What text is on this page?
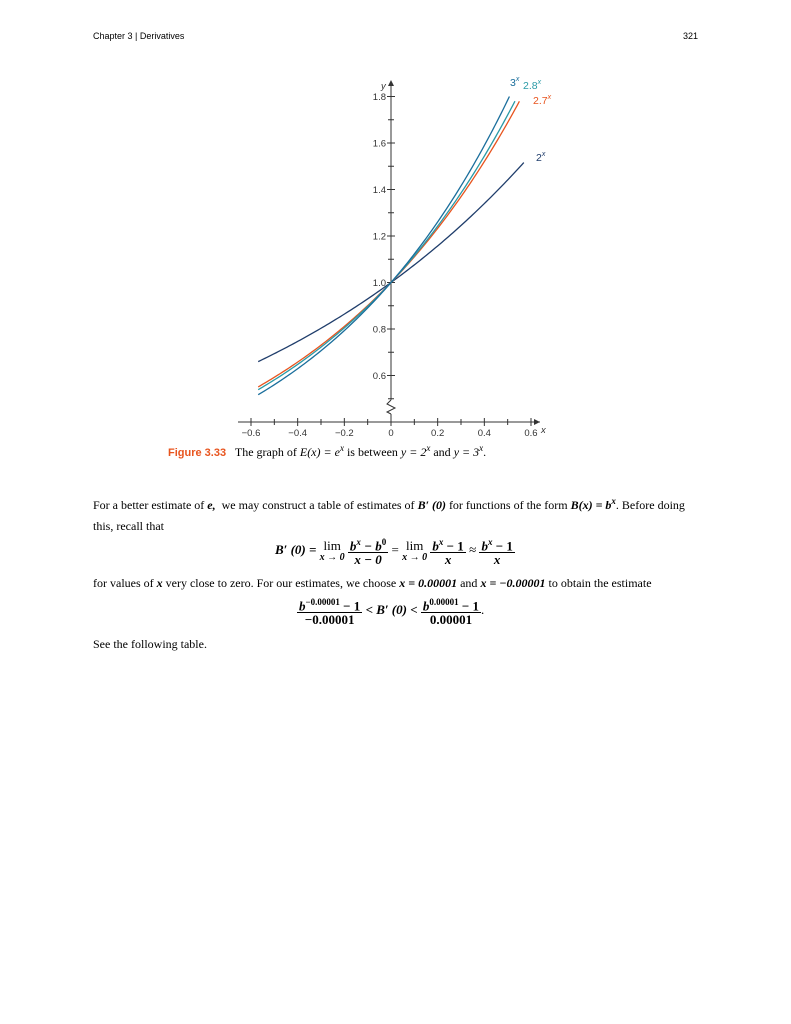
Chapter 3 | Derivatives	321
−0.6	−0.4	−0.2	0	0.2	0.4	0.6
0.6
0.8
1.0
1.2
1.4
1.6
1.8
x
y
2$^x$
2.7$^x$
2.8$^x$
3$^x$
Figure 3.33 The graph of $E(x) = e^x$ is between $y = 2^x$ and $y = 3^x$.
For a better estimate of e, we may construct a table of estimates of B′ (0) for functions of the form $B(x) = b^x$. Before doing this, recall that
B′ (0) = lim
x → 0
$\frac{b^x - b^0}{x - 0} = \lim$
x → 0
$\frac{b^x - 1}{x} \approx \frac{b^x - 1}{x}$
for values of x very close to zero. For our estimates, we choose x = 0.00001 and x = −0.00001 to obtain the estimate
$\frac{b^{-0.00001} - 1}{-0.00001} < B'$ $(0) < \frac{b^{0.00001} - 1}{0.00001}$ .
See the following table.
